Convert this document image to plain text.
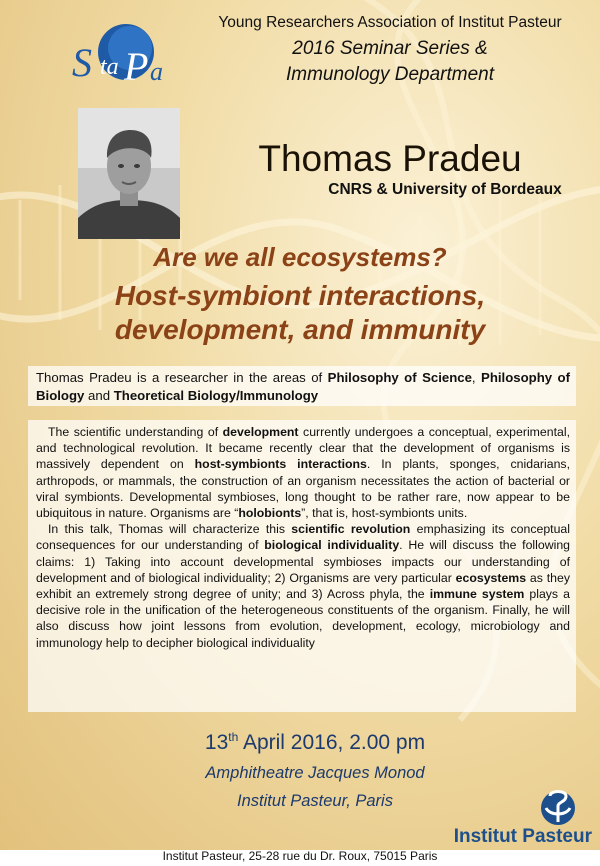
S ta P a
Young Researchers Association of Institut Pasteur
2016 Seminar Series &
Immunology Department
Thomas Pradeu
CNRS & University of Bordeaux
Are we all ecosystems?
Host-symbiont interactions,
development, and immunity
Thomas Pradeu is a researcher in the areas of Philosophy of Science, Philosophy of Biology and Theoretical Biology/Immunology

The scientific understanding of development currently undergoes a conceptual, experimental, and technological revolution. It became recently clear that the development of organisms is massively dependent on host-symbionts interactions. In plants, sponges, cnidarians, arthropods, or mammals, the construction of an organism necessitates the action of bacterial or viral symbionts. Developmental symbioses, long thought to be rather rare, now appear to be ubiquitous in nature. Organisms are “holobionts”, that is, host-symbionts units.

In this talk, Thomas will characterize this scientific revolution emphasizing its conceptual consequences for our understanding of biological individuality. He will discuss the following claims: 1) Taking into account developmental symbioses impacts our understanding of development and of biological individuality; 2) Organisms are very particular ecosystems as they exhibit an extremely strong degree of unity; and 3) Across phyla, the immune system plays a decisive role in the unification of the heterogeneous constituents of the organism. Finally, he will also discuss how joint lessons from evolution, development, ecology, microbiology and immunology help to decipher biological individuality

13th April 2016, 2.00 pm
Amphitheatre Jacques Monod
Institut Pasteur, Paris
Institut Pasteur
Institut Pasteur, 25-28 rue du Dr. Roux, 75015 Paris
